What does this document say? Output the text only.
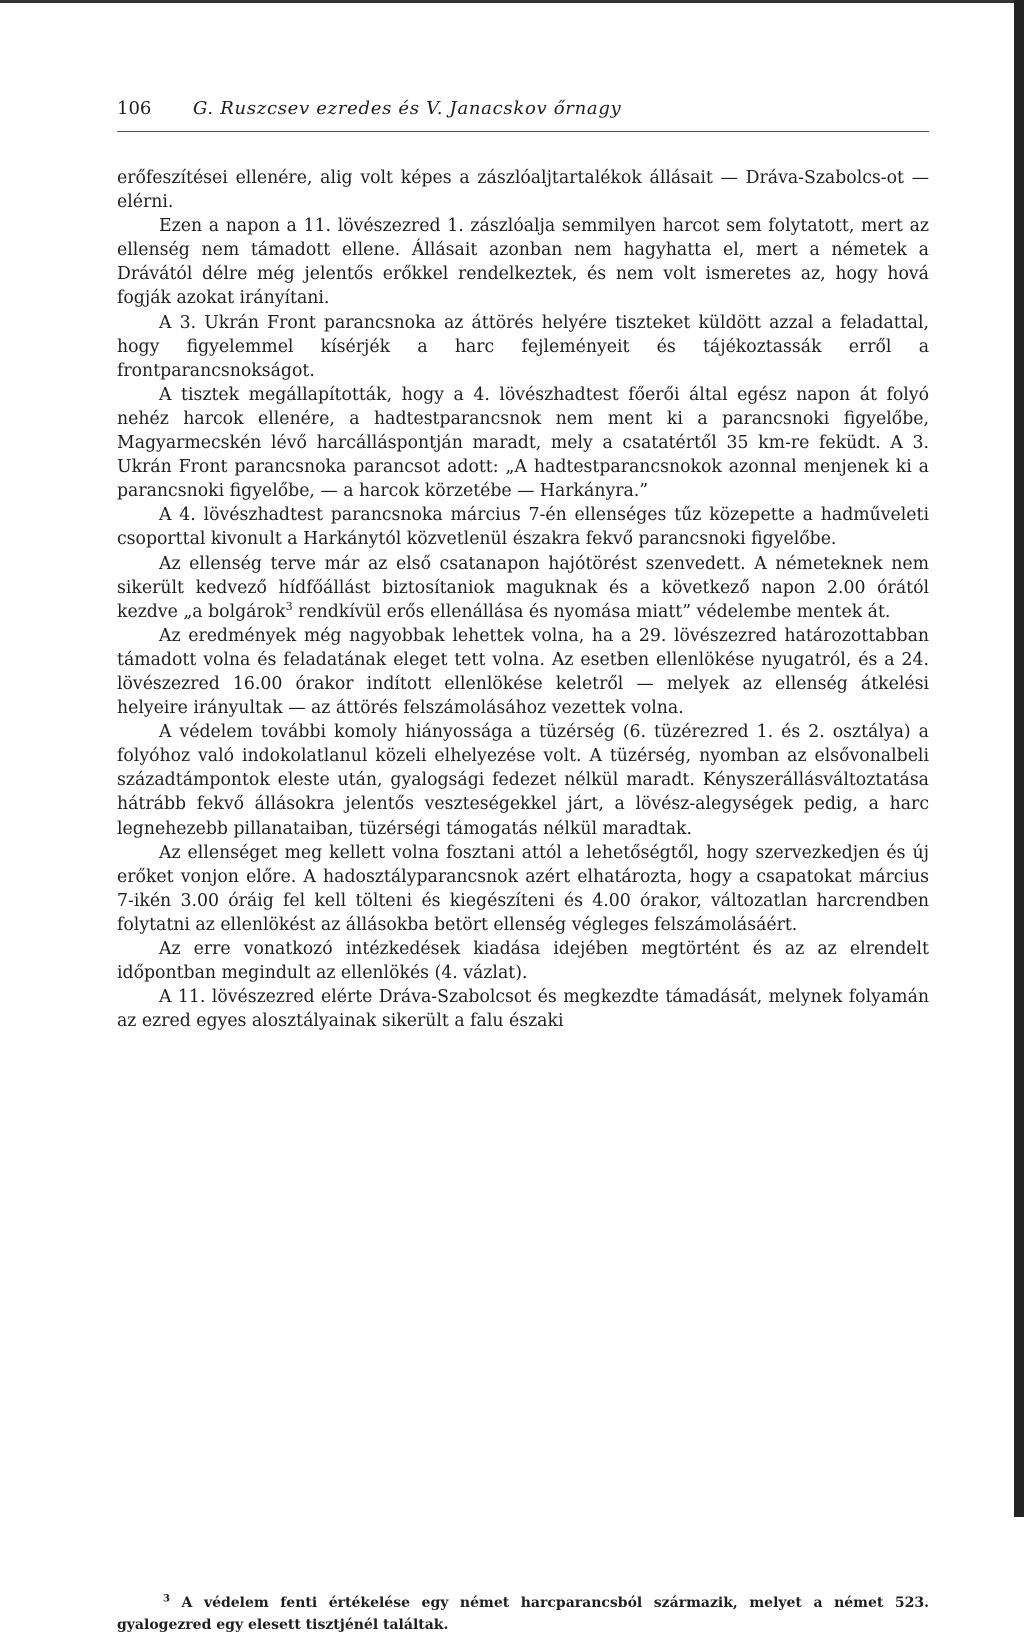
106 G. Ruszcsev ezredes és V. Janacskov őrnagy

erőfeszítései ellenére, alig volt képes a zászlóaljtartalékok állásait — Dráva-Szabolcs-ot — elérni.

Ezen a napon a 11. lövészezred 1. zászlóalja semmilyen harcot sem folytatott, mert az ellenség nem támadott ellene. Állásait azonban nem hagyhatta el, mert a németek a Drávától délre még jelentős erőkkel rendelkeztek, és nem volt ismeretes az, hogy hová fogják azokat irányítani.

A 3. Ukrán Front parancsnoka az áttörés helyére tiszteket küldött azzal a feladattal, hogy figyelemmel kísérjék a harc fejleményeit és tájékoztassák erről a frontparancsnokságot.

A tisztek megállapították, hogy a 4. lövészhadtest főerői által egész napon át folyó nehéz harcok ellenére, a hadtestparancsnok nem ment ki a parancsnoki figyelőbe, Magyarmecskén lévő harcálláspontján maradt, mely a csatatértől 35 km-re feküdt. A 3. Ukrán Front parancsnoka parancsot adott: „A hadtestparancsnokok azonnal menjenek ki a parancsnoki figyelőbe, — a harcok körzetébe — Harkányra.”

A 4. lövészhadtest parancsnoka március 7-én ellenséges tűz közepette a hadműveleti csoporttal kivonult a Harkánytól közvetlenül északra fekvő parancsnoki figyelőbe.

Az ellenség terve már az első csatanapon hajótörést szenvedett. A németeknek nem sikerült kedvező hídfőállást biztosítaniok maguknak és a következő napon 2.00 órától kezdve „a bolgárok$^3$ rendkívül erős ellenállása és nyomása miatt” védelembe mentek át.

Az eredmények még nagyobbak lehettek volna, ha a 29. lövészezred határozottabban támadott volna és feladatának eleget tett volna. Az esetben ellenlökése nyugatról, és a 24. lövészezred 16.00 órakor indított ellenlökése keletről — melyek az ellenség átkelési helyeire irányultak — az áttörés felszámolásához vezettek volna.

A védelem további komoly hiányossága a tüzérség (6. tüzérezred 1. és 2. osztálya) a folyóhoz való indokolatlanul közeli elhelyezése volt. A tüzérség, nyomban az elsővonalbeli századtámpontok eleste után, gyalogsági fedezet nélkül maradt. Kényszerállásváltoztatása hátrább fekvő állásokra jelentős veszteségekkel járt, a lövész-alegységek pedig, a harc legnehezebb pillanataiban, tüzérségi támogatás nélkül maradtak.

Az ellenséget meg kellett volna fosztani attól a lehetőségtől, hogy szervezkedjen és új erőket vonjon előre. A hadosztályparancsnok azért elhatározta, hogy a csapatokat március 7-ikén 3.00 óráig fel kell tölteni és kiegészíteni és 4.00 órakor, változatlan harcrendben folytatni az ellenlökést az állásokba betört ellenség végleges felszámolásáért.

Az erre vonatkozó intézkedések kiadása idejében megtörtént és az az elrendelt időpontban megindult az ellenlökés (4. vázlat).

A 11. lövészezred elérte Dráva-Szabolcsot és megkezdte támadását, melynek folyamán az ezred egyes alosztályainak sikerült a falu északi

$^3$ A védelem fenti értékelése egy német harcparancsból származik, melyet a német 523. gyalogezred egy elesett tisztjénél találtak.
